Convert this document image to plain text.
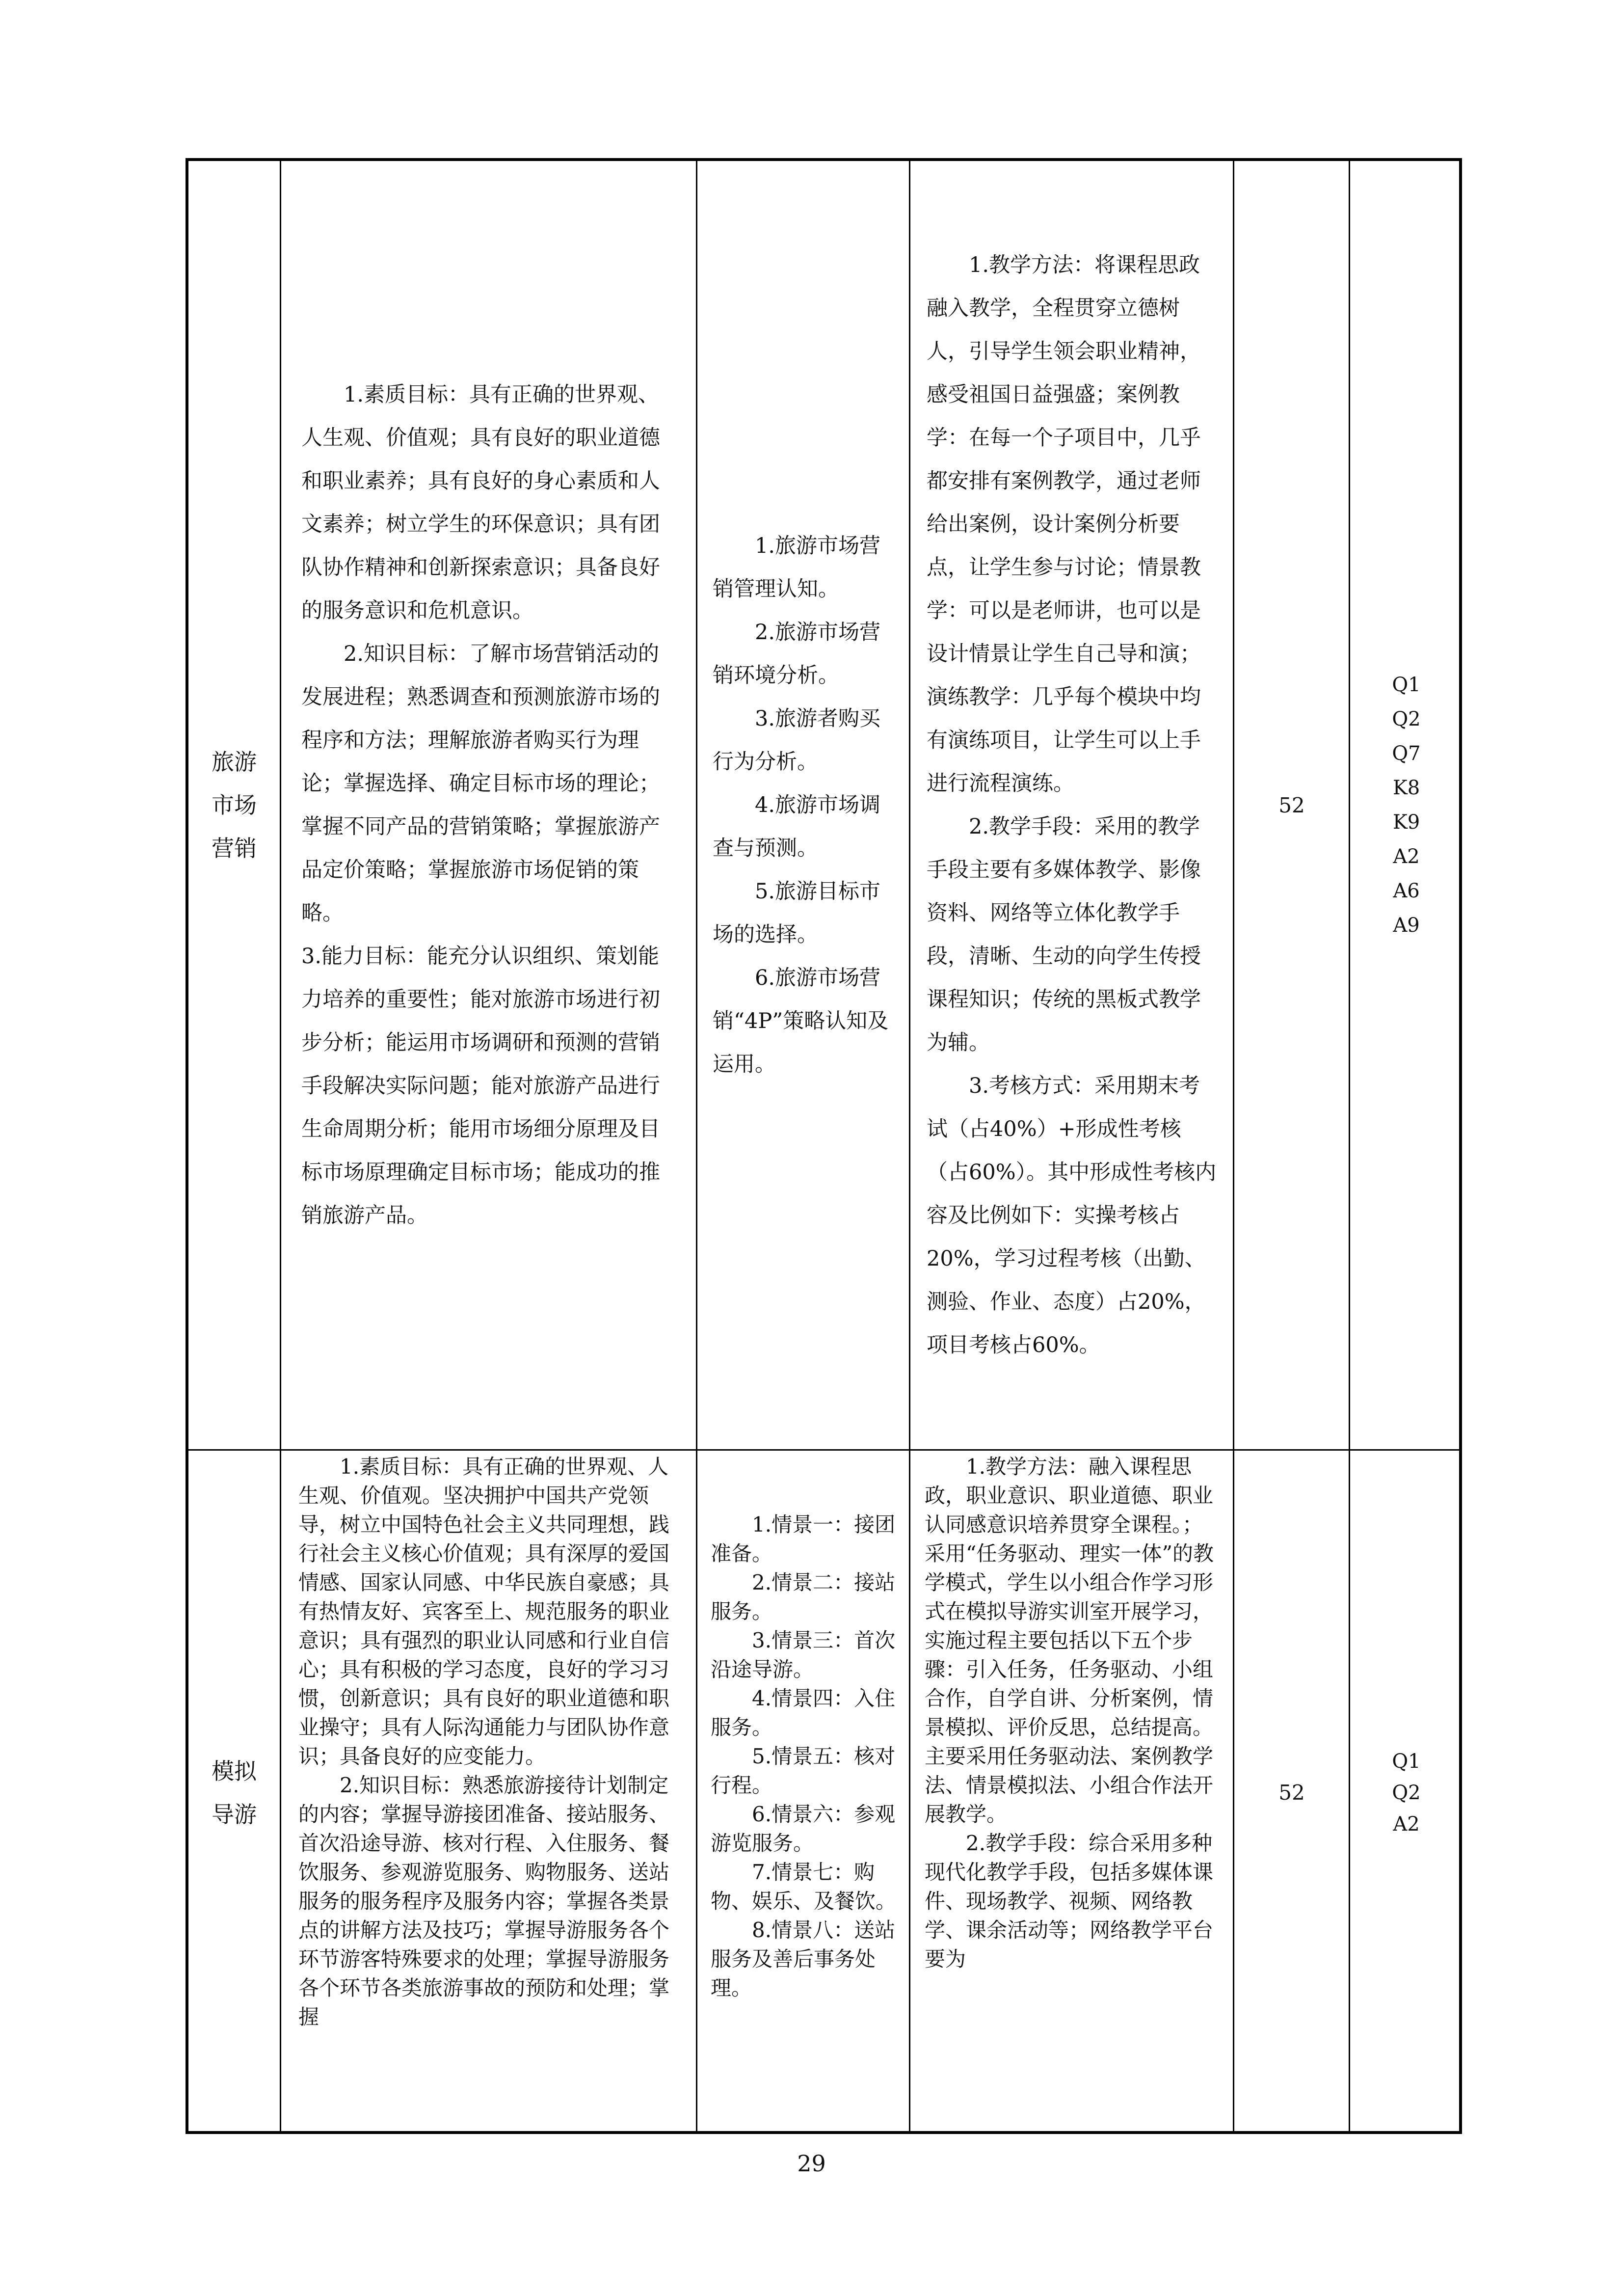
旅游
市场
营销

1.素质目标：具有正确的世界观、人生观、价值观；具有良好的职业道德和职业素养；具有良好的身心素质和人文素养；树立学生的环保意识；具有团队协作精神和创新探索意识；具备良好的服务意识和危机意识。

2.知识目标：了解市场营销活动的发展进程；熟悉调查和预测旅游市场的程序和方法；理解旅游者购买行为理论；掌握选择、确定目标市场的理论；掌握不同产品的营销策略；掌握旅游产品定价策略；掌握旅游市场促销的策略。

3.能力目标：能充分认识组织、策划能力培养的重要性；能对旅游市场进行初步分析；能运用市场调研和预测的营销手段解决实际问题；能对旅游产品进行生命周期分析；能用市场细分原理及目标市场原理确定目标市场；能成功的推销旅游产品。

1.旅游市场营销管理认知。

2.旅游市场营销环境分析。

3.旅游者购买行为分析。

4.旅游市场调查与预测。

5.旅游目标市场的选择。

6.旅游市场营销“4P”策略认知及运用。

1.教学方法：将课程思政融入教学，全程贯穿立德树人，引导学生领会职业精神，感受祖国日益强盛；案例教学：在每一个子项目中，几乎都安排有案例教学，通过老师给出案例，设计案例分析要点，让学生参与讨论；情景教学：可以是老师讲，也可以是设计情景让学生自己导和演；演练教学：几乎每个模块中均有演练项目，让学生可以上手进行流程演练。

2.教学手段：采用的教学手段主要有多媒体教学、影像资料、网络等立体化教学手段，清晰、生动的向学生传授课程知识；传统的黑板式教学为辅。

3.考核方式：采用期末考试（占40%）+形成性考核（占60%）。其中形成性考核内容及比例如下：实操考核占20%，学习过程考核（出勤、测验、作业、态度）占20%，项目考核占60%。

52
Q1
Q2
Q7
K8
K9
A2
A6
A9
模拟
导游

1.素质目标：具有正确的世界观、人生观、价值观。坚决拥护中国共产党领导，树立中国特色社会主义共同理想，践行社会主义核心价值观；具有深厚的爱国情感、国家认同感、中华民族自豪感；具有热情友好、宾客至上、规范服务的职业意识；具有强烈的职业认同感和行业自信心；具有积极的学习态度，良好的学习习惯，创新意识；具有良好的职业道德和职业操守；具有人际沟通能力与团队协作意识；具备良好的应变能力。

2.知识目标：熟悉旅游接待计划制定的内容；掌握导游接团准备、接站服务、首次沿途导游、核对行程、入住服务、餐饮服务、参观游览服务、购物服务、送站服务的服务程序及服务内容；掌握各类景点的讲解方法及技巧；掌握导游服务各个环节游客特殊要求的处理；掌握导游服务各个环节各类旅游事故的预防和处理；掌握

1.情景一：接团准备。

2.情景二：接站服务。

3.情景三：首次沿途导游。

4.情景四：入住服务。

5.情景五：核对行程。

6.情景六：参观游览服务。

7.情景七：购物、娱乐、及餐饮。

8.情景八：送站服务及善后事务处理。

1.教学方法：融入课程思政，职业意识、职业道德、职业认同感意识培养贯穿全课程。；采用“任务驱动、理实一体”的教学模式，学生以小组合作学习形式在模拟导游实训室开展学习，实施过程主要包括以下五个步骤：引入任务，任务驱动、小组合作，自学自讲、分析案例，情景模拟、评价反思，总结提高。主要采用任务驱动法、案例教学法、情景模拟法、小组合作法开展教学。

2.教学手段：综合采用多种现代化教学手段，包括多媒体课件、现场教学、视频、网络教学、课余活动等；网络教学平台要为

52
Q1
Q2
A2
29
